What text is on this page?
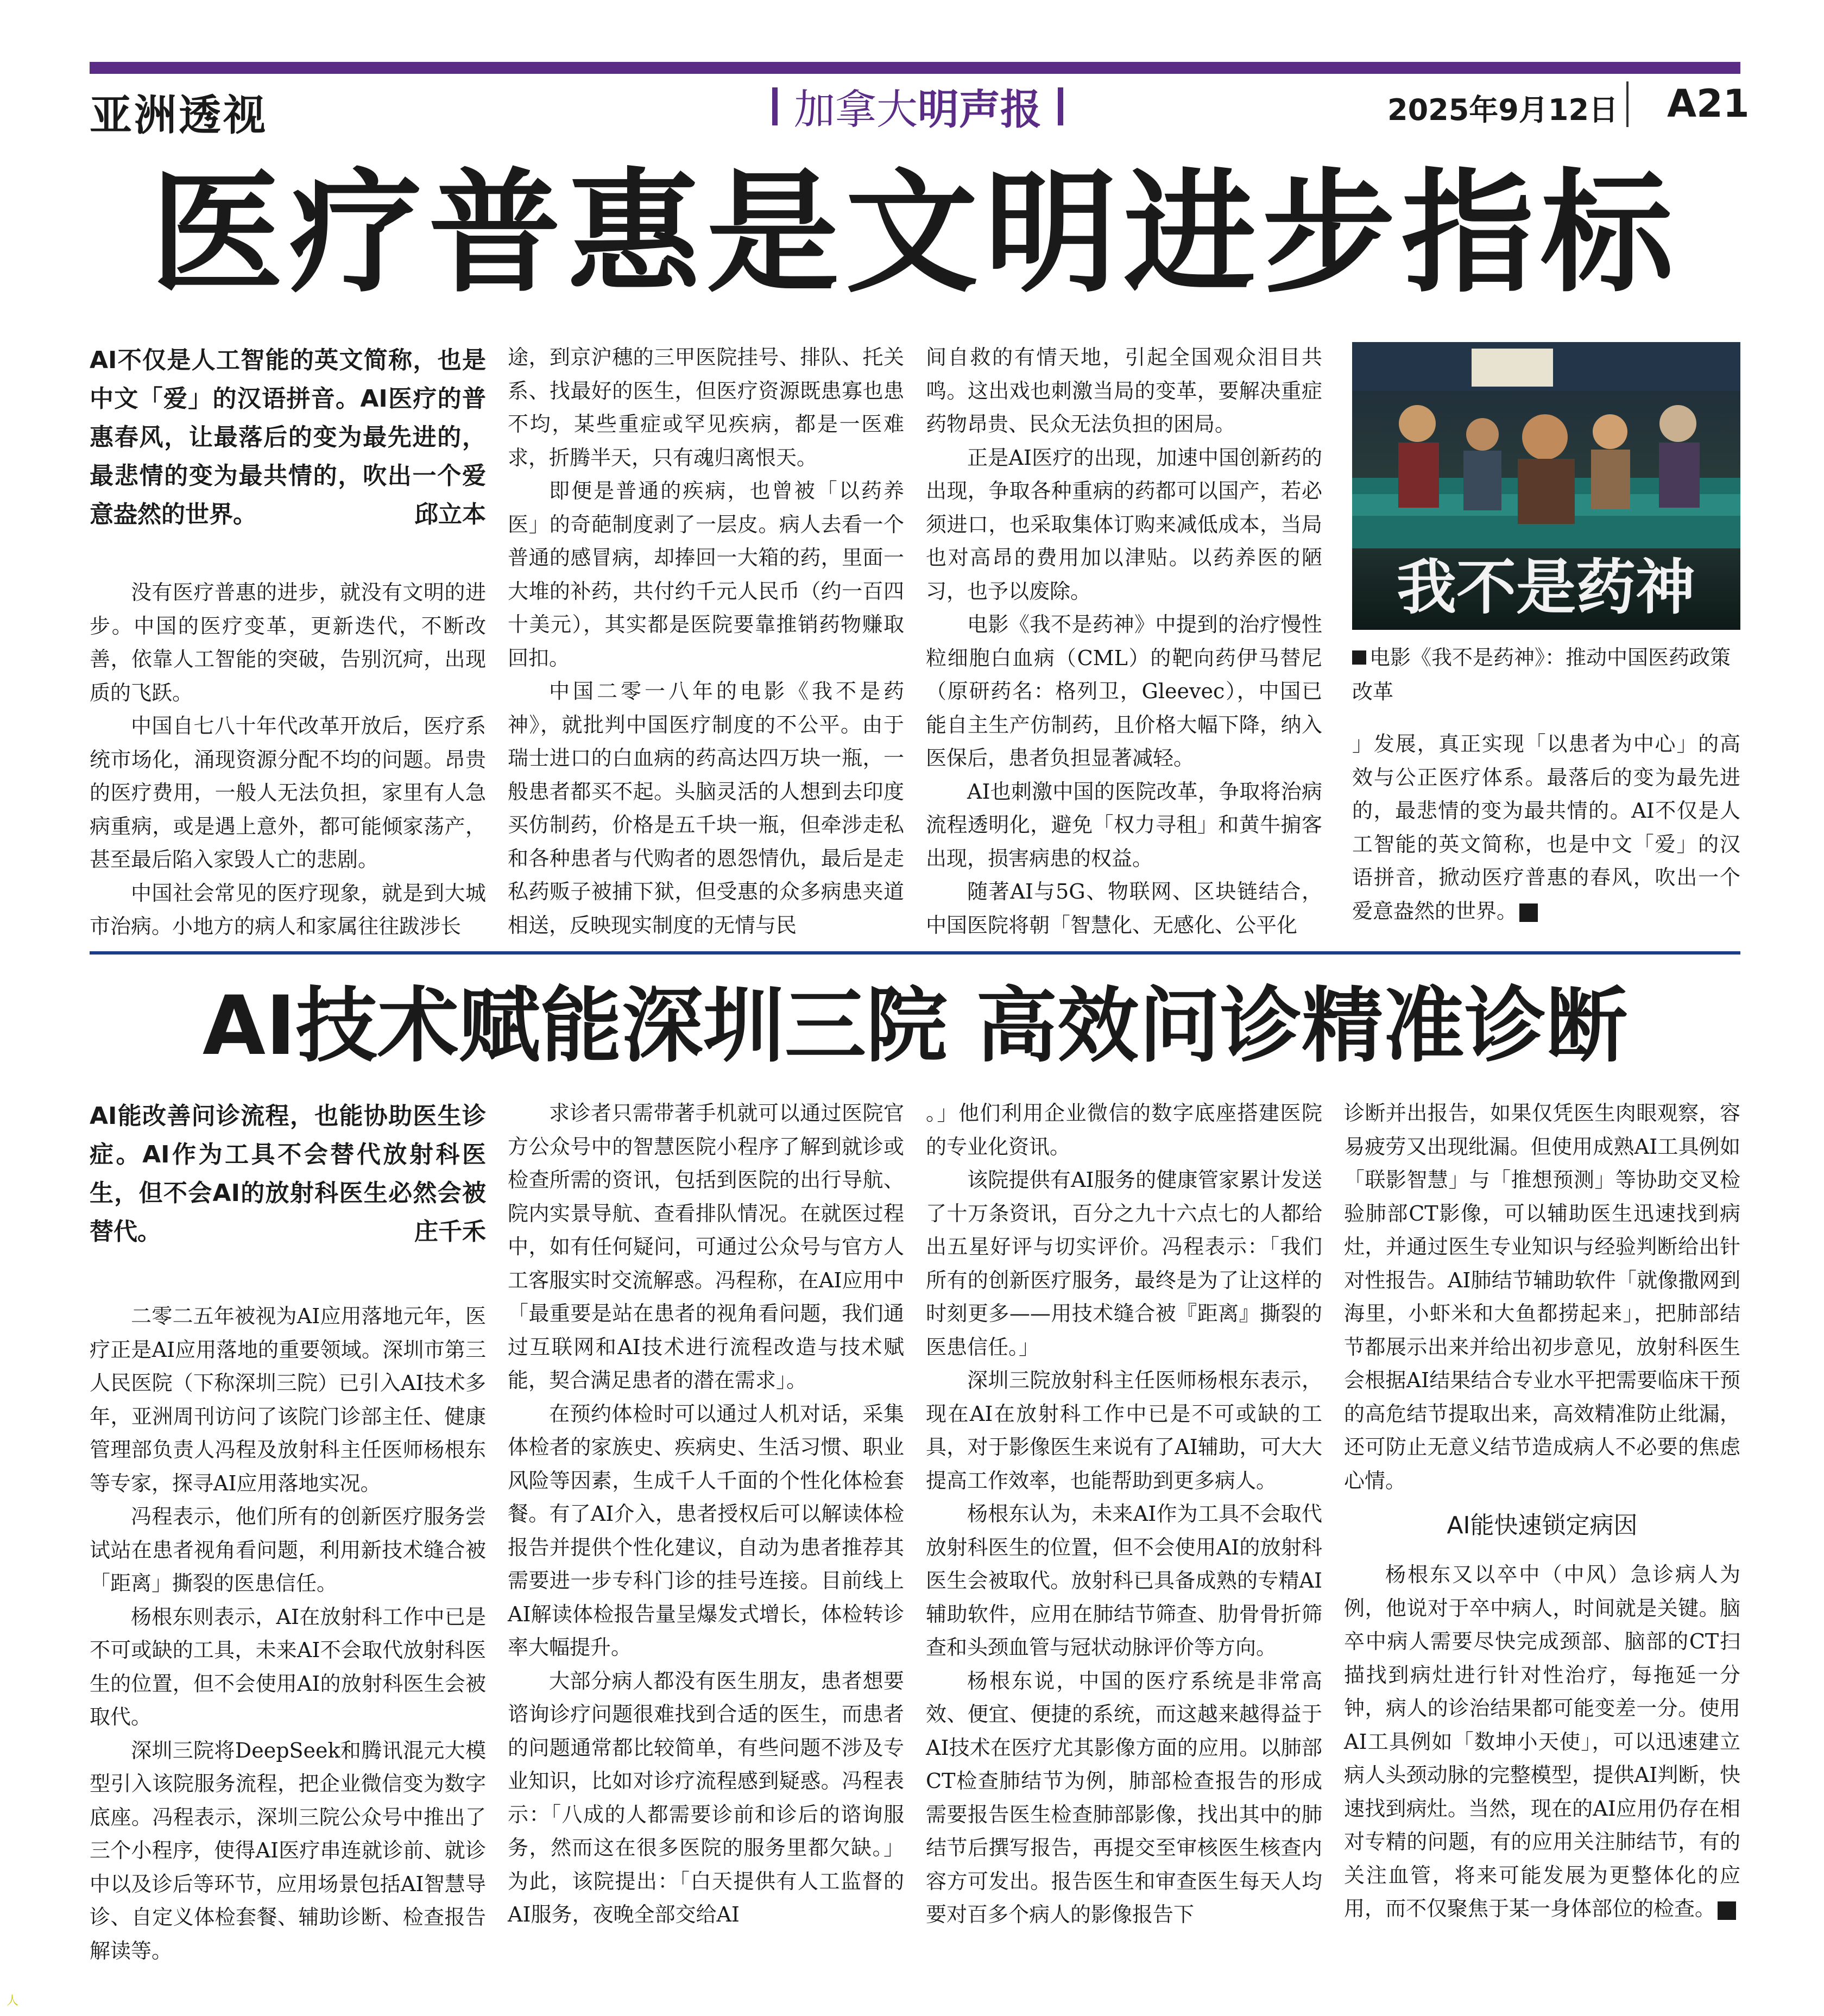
亚洲透视	加拿大 明声报	2025年9月12日 A21
医疗普惠是文明进步指标
AI不仅是人工智能的英文简称，也是中文「爱」的汉语拼音。AI医疗的普惠春风，让最落后的变为最先进的，最悲情的变为最共情的，吹出一个爱意盎然的世界。	邱立本

没有医疗普惠的进步，就没有文明的进步。中国的医疗变革，更新迭代，不断改善，依靠人工智能的突破，告别沉疴，出现质的飞跃。

中国自七八十年代改革开放后，医疗系统市场化，涌现资源分配不均的问题。昂贵的医疗费用，一般人无法负担，家里有人急病重病，或是遇上意外，都可能倾家荡产，甚至最后陷入家毁人亡的悲剧。

中国社会常见的医疗现象，就是到大城市治病。小地方的病人和家属往往跋涉长

途，到京沪穗的三甲医院挂号、排队、托关系、找最好的医生，但医疗资源既患寡也患不均，某些重症或罕见疾病，都是一医难求，折腾半天，只有魂归离恨天。

即便是普通的疾病，也曾被「以药养医」的奇葩制度剥了一层皮。病人去看一个普通的感冒病，却捧回一大箱的药，里面一大堆的补药，共付约千元人民币（约一百四十美元），其实都是医院要靠推销药物赚取回扣。

中国二零一八年的电影《我不是药神》，就批判中国医疗制度的不公平。由于瑞士进口的白血病的药高达四万块一瓶，一般患者都买不起。头脑灵活的人想到去印度买仿制药，价格是五千块一瓶，但牵涉走私和各种患者与代购者的恩怨情仇，最后是走私药贩子被捕下狱，但受惠的众多病患夹道相送，反映现实制度的无情与民

间自救的有情天地，引起全国观众泪目共鸣。这出戏也刺激当局的变革，要解决重症药物昂贵、民众无法负担的困局。

正是AI医疗的出现，加速中国创新药的出现，争取各种重病的药都可以国产，若必须进口，也采取集体订购来减低成本，当局也对高昂的费用加以津贴。以药养医的陋习，也予以废除。

电影《我不是药神》中提到的治疗慢性粒细胞白血病（CML）的靶向药伊马替尼（原研药名：格列卫，Gleevec），中国已能自主生产仿制药，且价格大幅下降，纳入医保后，患者负担显著减轻。

AI也刺激中国的医院改革，争取将治病流程透明化，避免「权力寻租」和黄牛掮客出现，损害病患的权益。

随著AI与5G、物联网、区块链结合，中国医院将朝「智慧化、无感化、公平化

我不是药神
电影《我不是药神》：推动中国医药政策改革

」发展，真正实现「以患者为中心」的高效与公正医疗体系。最落后的变为最先进的，最悲情的变为最共情的。AI不仅是人工智能的英文简称，也是中文「爱」的汉语拼音，掀动医疗普惠的春风，吹出一个爱意盎然的世界。

AI技术赋能深圳三院 高效问诊精准诊断
AI能改善问诊流程，也能协助医生诊症。AI作为工具不会替代放射科医生，但不会AI的放射科医生必然会被替代。	庄千禾

二零二五年被视为AI应用落地元年，医疗正是AI应用落地的重要领域。深圳市第三人民医院（下称深圳三院）已引入AI技术多年，亚洲周刊访问了该院门诊部主任、健康管理部负责人冯程及放射科主任医师杨根东等专家，探寻AI应用落地实况。

冯程表示，他们所有的创新医疗服务尝试站在患者视角看问题，利用新技术缝合被「距离」撕裂的医患信任。

杨根东则表示，AI在放射科工作中已是不可或缺的工具，未来AI不会取代放射科医生的位置，但不会使用AI的放射科医生会被取代。

深圳三院将DeepSeek和腾讯混元大模型引入该院服务流程，把企业微信变为数字底座。冯程表示，深圳三院公众号中推出了三个小程序，使得AI医疗串连就诊前、就诊中以及诊后等环节，应用场景包括AI智慧导诊、自定义体检套餐、辅助诊断、检查报告解读等。

求诊者只需带著手机就可以通过医院官方公众号中的智慧医院小程序了解到就诊或检查所需的资讯，包括到医院的出行导航、院内实景导航、查看排队情况。在就医过程中，如有任何疑问，可通过公众号与官方人工客服实时交流解惑。冯程称，在AI应用中「最重要是站在患者的视角看问题，我们通过互联网和AI技术进行流程改造与技术赋能，契合满足患者的潜在需求」。

在预约体检时可以通过人机对话，采集体检者的家族史、疾病史、生活习惯、职业风险等因素，生成千人千面的个性化体检套餐。有了AI介入，患者授权后可以解读体检报告并提供个性化建议，自动为患者推荐其需要进一步专科门诊的挂号连接。目前线上AI解读体检报告量呈爆发式增长，体检转诊率大幅提升。

大部分病人都没有医生朋友，患者想要谘询诊疗问题很难找到合适的医生，而患者的问题通常都比较简单，有些问题不涉及专业知识，比如对诊疗流程感到疑惑。冯程表示：「八成的人都需要诊前和诊后的谘询服务，然而这在很多医院的服务里都欠缺。」为此，该院提出：「白天提供有人工监督的AI服务，夜晚全部交给AI

。」他们利用企业微信的数字底座搭建医院的专业化资讯。

该院提供有AI服务的健康管家累计发送了十万条资讯，百分之九十六点七的人都给出五星好评与切实评价。冯程表示：「我们所有的创新医疗服务，最终是为了让这样的时刻更多——用技术缝合被『距离』撕裂的医患信任。」

深圳三院放射科主任医师杨根东表示，现在AI在放射科工作中已是不可或缺的工具，对于影像医生来说有了AI辅助，可大大提高工作效率，也能帮助到更多病人。

杨根东认为，未来AI作为工具不会取代放射科医生的位置，但不会使用AI的放射科医生会被取代。放射科已具备成熟的专精AI辅助软件，应用在肺结节筛查、肋骨骨折筛查和头颈血管与冠状动脉评价等方向。

杨根东说，中国的医疗系统是非常高效、便宜、便捷的系统，而这越来越得益于AI技术在医疗尤其影像方面的应用。以肺部CT检查肺结节为例，肺部检查报告的形成需要报告医生检查肺部影像，找出其中的肺结节后撰写报告，再提交至审核医生核查内容方可发出。报告医生和审查医生每天人均要对百多个病人的影像报告下

诊断并出报告，如果仅凭医生肉眼观察，容易疲劳又出现纰漏。但使用成熟AI工具例如「联影智慧」与「推想预测」等协助交叉检验肺部CT影像，可以辅助医生迅速找到病灶，并通过医生专业知识与经验判断给出针对性报告。AI肺结节辅助软件「就像撒网到海里，小虾米和大鱼都捞起来」，把肺部结节都展示出来并给出初步意见，放射科医生会根据AI结果结合专业水平把需要临床干预的高危结节提取出来，高效精准防止纰漏，还可防止无意义结节造成病人不必要的焦虑心情。

AI能快速锁定病因

杨根东又以卒中（中风）急诊病人为例，他说对于卒中病人，时间就是关键。脑卒中病人需要尽快完成颈部、脑部的CT扫描找到病灶进行针对性治疗，每拖延一分钟，病人的诊治结果都可能变差一分。使用AI工具例如「数坤小天使」，可以迅速建立病人头颈动脉的完整模型，提供AI判断，快速找到病灶。当然，现在的AI应用仍存在相对专精的问题，有的应用关注肺结节，有的关注血管，将来可能发展为更整体化的应用，而不仅聚焦于某一身体部位的检查。

人
